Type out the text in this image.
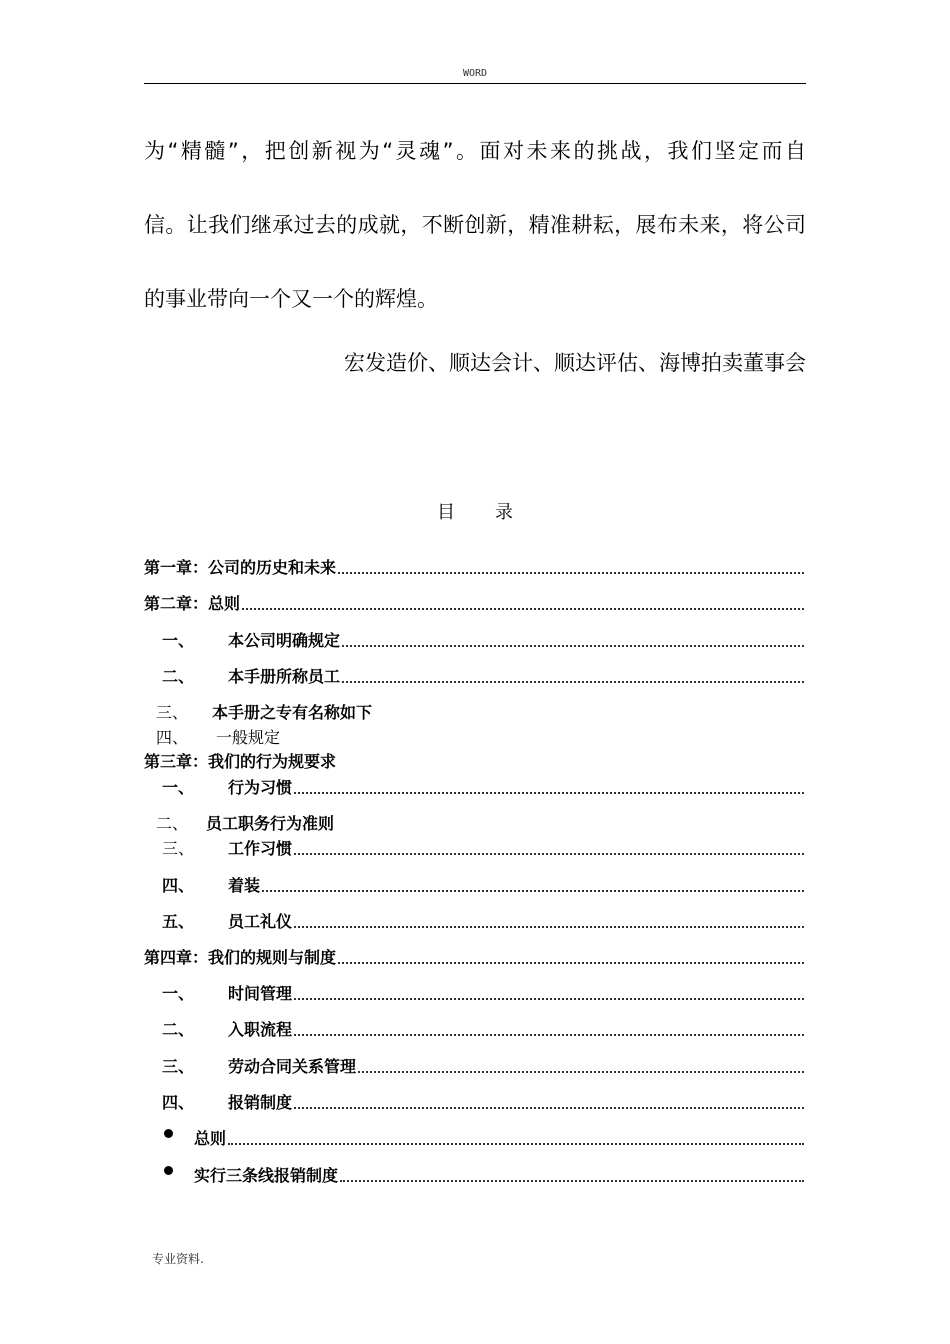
WORD
为“精髓”，把创新视为“灵魂”。面对未来的挑战，我们坚定而自
信。让我们继承过去的成就，不断创新，精准耕耘，展布未来，将公司
的事业带向一个又一个的辉煌。
宏发造价、顺达会计、顺达评估、海博拍卖董事会
目录
第一章：公司的历史和未来
第二章：总则
一、	本公司明确规定
二、	本手册所称员工
三、	本手册之专有名称如下
四、	一般规定
第三章：我们的行为规要求
一、	行为习惯
二、	员工职务行为准则
三、	工作习惯
四、	着装
五、	员工礼仪
第四章：我们的规则与制度
一、	时间管理
二、	入职流程
三、	劳动合同关系管理
四、	报销制度
总则
实行三条线报销制度
专业资料.
